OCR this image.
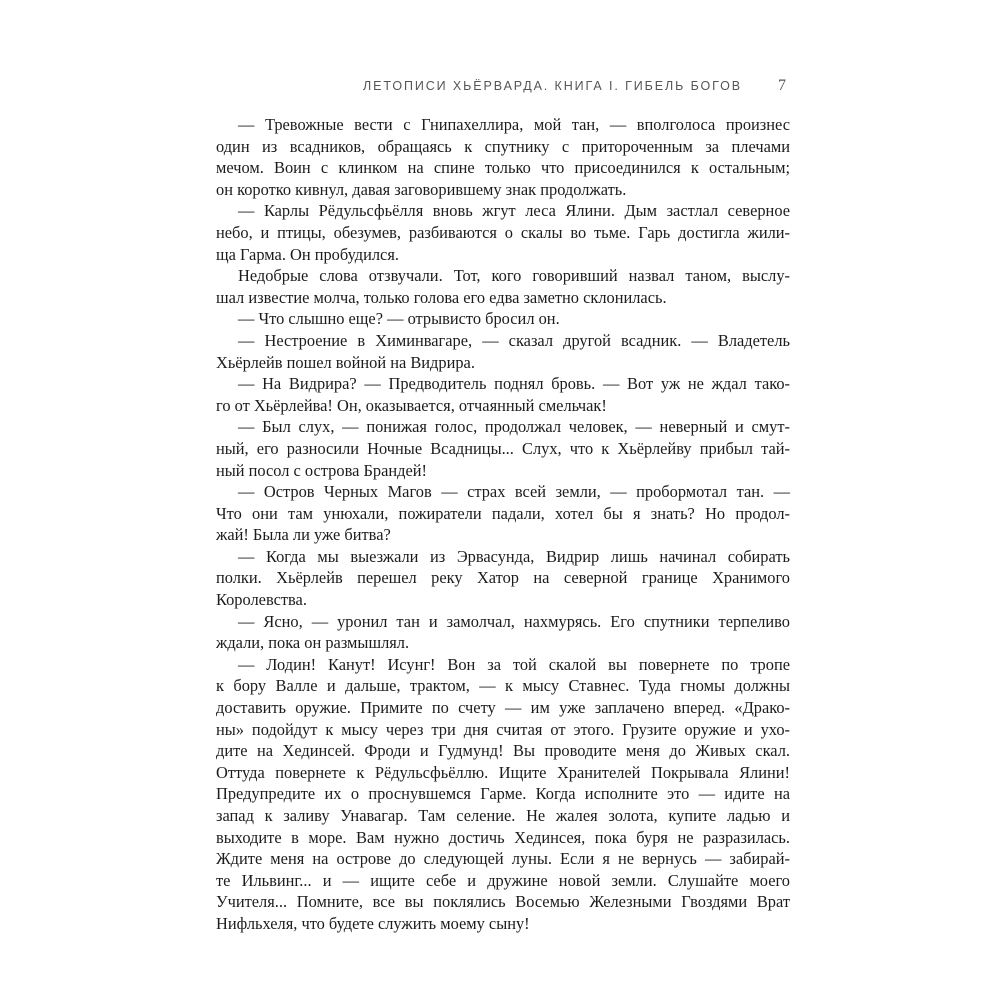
ЛЕТОПИСИ ХЬЁРВАРДА. КНИГА I. ГИБЕЛЬ БОГОВ 7
— Тревожные вести с Гнипахеллира, мой тан, — вполголоса произнес
один из всадников, обращаясь к спутнику с притороченным за плечами
мечом. Воин с клинком на спине только что присоединился к остальным;
он коротко кивнул, давая заговорившему знак продолжать.
— Карлы Рёдульсфьёлля вновь жгут леса Ялини. Дым застлал северное
небо, и птицы, обезумев, разбиваются о скалы во тьме. Гарь достигла жили-
ща Гарма. Он пробудился.
Недобрые слова отзвучали. Тот, кого говоривший назвал таном, выслу-
шал известие молча, только голова его едва заметно склонилась.
— Что слышно еще? — отрывисто бросил он.
— Нестроение в Химинвагаре, — сказал другой всадник. — Владетель
Хьёрлейв пошел войной на Видрира.
— На Видрира? — Предводитель поднял бровь. — Вот уж не ждал тако-
го от Хьёрлейва! Он, оказывается, отчаянный смельчак!
— Был слух, — понижая голос, продолжал человек, — неверный и смут-
ный, его разносили Ночные Всадницы... Слух, что к Хьёрлейву прибыл тай-
ный посол с острова Брандей!
— Остров Черных Магов — страх всей земли, — пробормотал тан. —
Что они там унюхали, пожиратели падали, хотел бы я знать? Но продол-
жай! Была ли уже битва?
— Когда мы выезжали из Эрвасунда, Видрир лишь начинал собирать
полки. Хьёрлейв перешел реку Хатор на северной границе Хранимого
Королевства.
— Ясно, — уронил тан и замолчал, нахмурясь. Его спутники терпеливо
ждали, пока он размышлял.
— Лодин! Канут! Исунг! Вон за той скалой вы повернете по тропе
к бору Валле и дальше, трактом, — к мысу Ставнес. Туда гномы должны
доставить оружие. Примите по счету — им уже заплачено вперед. «Драко-
ны» подойдут к мысу через три дня считая от этого. Грузите оружие и ухо-
дите на Хединсей. Фроди и Гудмунд! Вы проводите меня до Живых скал.
Оттуда повернете к Рёдульсфьёллю. Ищите Хранителей Покрывала Ялини!
Предупредите их о проснувшемся Гарме. Когда исполните это — идите на
запад к заливу Унавагар. Там селение. Не жалея золота, купите ладью и
выходите в море. Вам нужно достичь Хединсея, пока буря не разразилась.
Ждите меня на острове до следующей луны. Если я не вернусь — забирай-
те Ильвинг... и — ищите себе и дружине новой земли. Слушайте моего
Учителя... Помните, все вы поклялись Восемью Железными Гвоздями Врат
Нифльхеля, что будете служить моему сыну!
